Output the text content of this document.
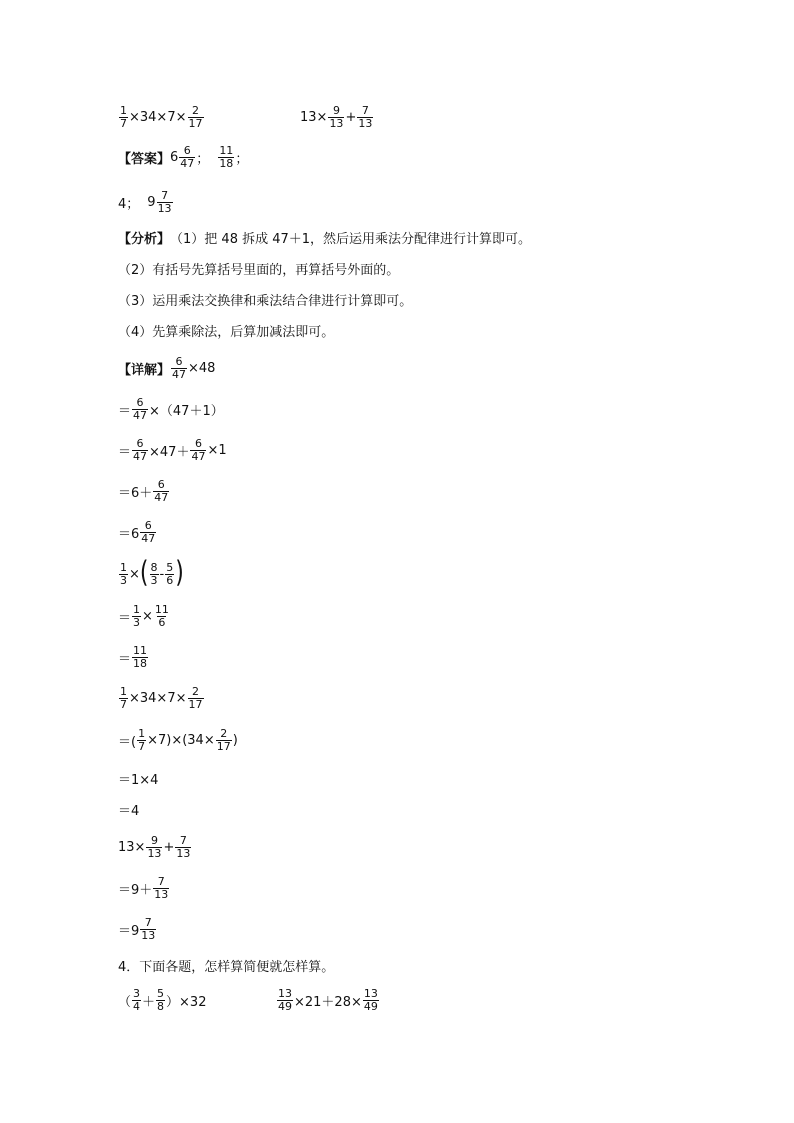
$\frac{1}{7} \times 34\times 7\times \frac{2}{17}$	$13\times \frac{9}{13} + \frac{7}{13}$
【答案】 $6 \frac{6}{47}$ ； $\frac{11}{18}$ ；
4； $9 \frac{7}{13}$
【分析】 （1）把 48 拆成 47＋1，然后运用乘法分配律进行计算即可。
（2）有括号先算括号里面的，再算括号外面的。
（3）运用乘法交换律和乘法结合律进行计算即可。
（4）先算乘除法，后算加减法即可。
【详解】 $\frac{6}{47} \times 48$
＝ $\frac{6}{47} \times(47+1)$
＝ $\frac{6}{47} \times 47+ \frac{6}{47} \times 1$
$=6+ \frac{6}{47}$
$=6 \frac{6}{47}$
$\frac{1}{3}$ × ( $\frac{8}{3} - \frac{5}{6}$ )
＝ $\frac{1}{3} \times \frac{11}{6}$
＝ $\frac{11}{18}$
$\frac{1}{7} \times 34\times 7\times \frac{2}{17}$
＝( $\frac{1}{7} \times 7)\times(34\times \frac{2}{17}$ )
＝1×4
＝4
$13\times \frac{9}{13} + \frac{7}{13}$
$=9+ \frac{7}{13}$
$=9 \frac{7}{13}$
4．下面各题，怎样算简便就怎样算。
（ $\frac{3}{4} + \frac{5}{8} )\times 32$	$\frac{13}{49} \times 21+28\times \frac{13}{49}$
